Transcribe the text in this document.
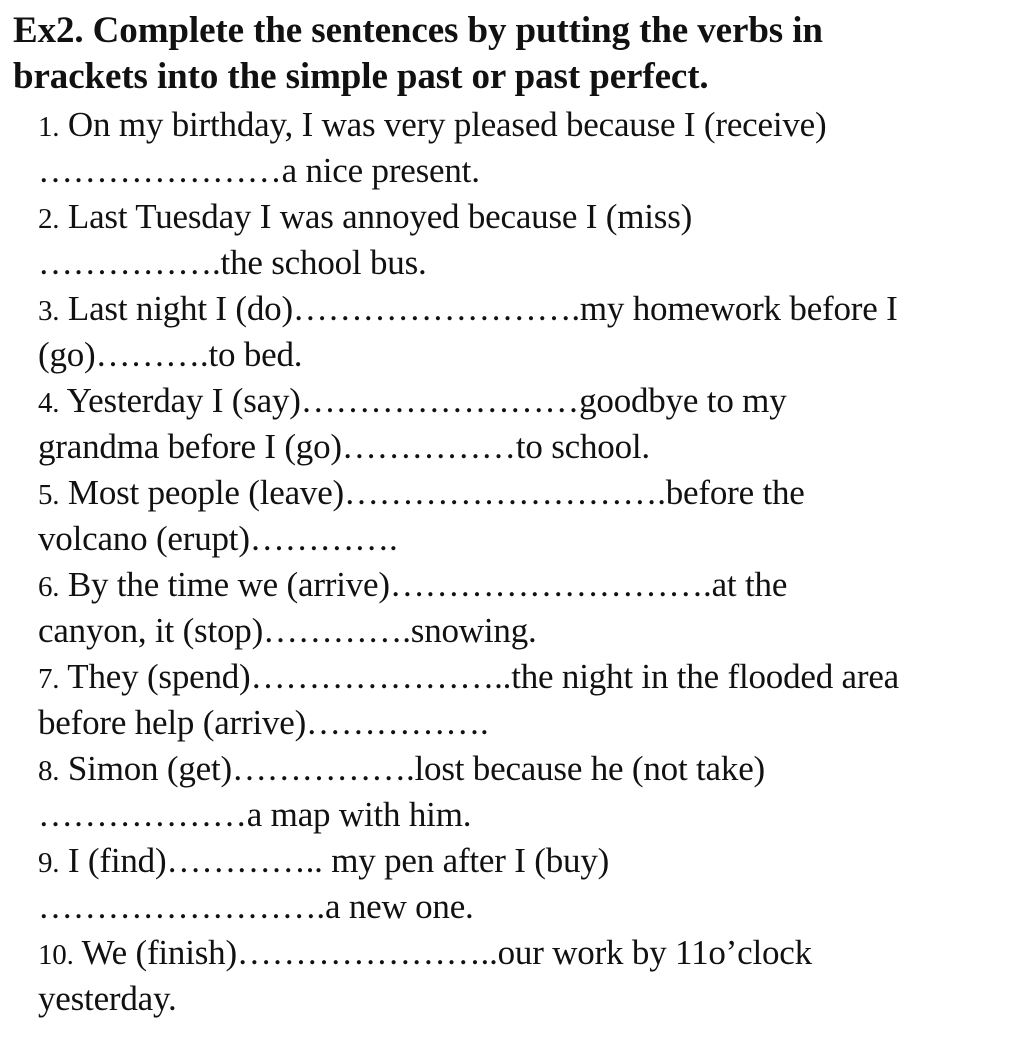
Ex2. Complete the sentences by putting the verbs in
brackets into the simple past or past perfect.
1. On my birthday, I was very pleased because I (receive)
…………………a nice present.
2. Last Tuesday I was annoyed because I (miss)
…………….the school bus.
3. Last night I (do)…………………….my homework before I
(go)……….to bed.
4. Yesterday I (say)……………………goodbye to my
grandma before I (go)……………to school.
5. Most people (leave)……………………….before the
volcano (erupt)………….
6. By the time we (arrive)……………………….at the
canyon, it (stop)………….snowing.
7. They (spend)…………………..the night in the flooded area
before help (arrive)…………….
8. Simon (get)…………….lost because he (not take)
………………a map with him.
9. I (find)………….. my pen after I (buy)
…………………….a new one.
10. We (finish)…………………..our work by 11o’clock
yesterday.
